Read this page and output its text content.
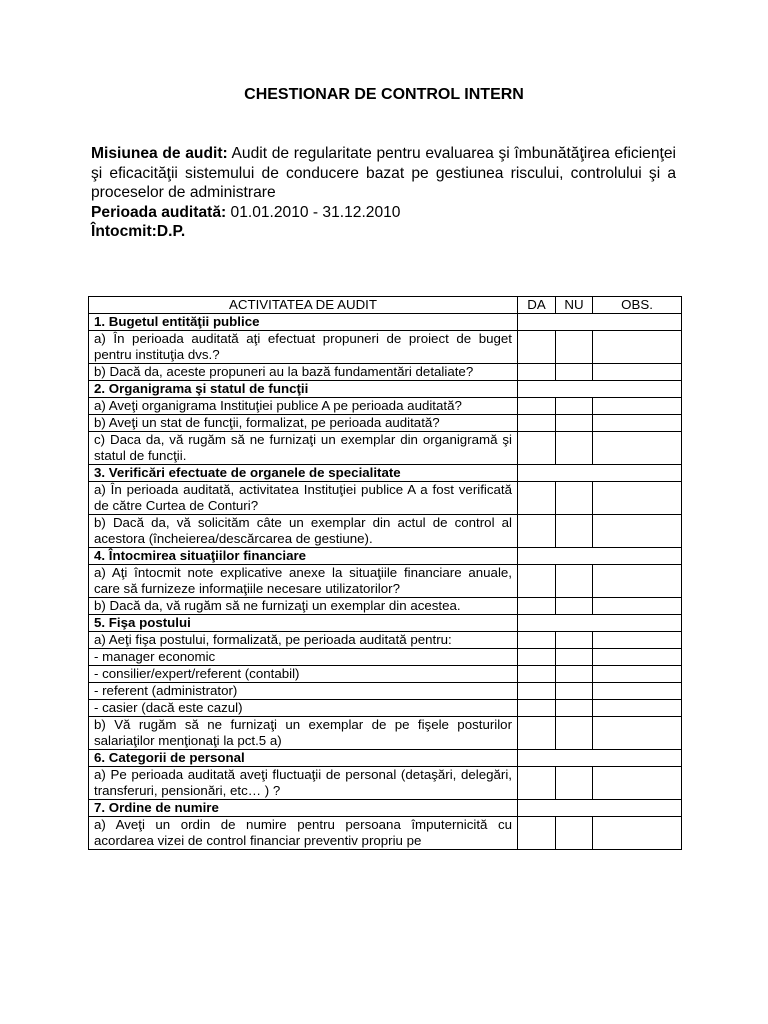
CHESTIONAR DE CONTROL INTERN

Misiunea de audit: Audit de regularitate pentru evaluarea şi îmbunătăţirea eficienţei şi eficacităţii sistemului de conducere bazat pe gestiunea riscului, controlului şi a proceselor de administrare

Perioada auditată: 01.01.2010 - 31.12.2010

Întocmit:D.P.

ACTIVITATEA DE AUDIT	DA	NU	OBS.
1. Bugetul entităţii publice			
a) În perioada auditată aţi efectuat propuneri de proiect de buget pentru instituţia dvs.?			
b) Dacă da, aceste propuneri au la bază fundamentări detaliate?			
2. Organigrama şi statul de funcţii			
a) Aveţi organigrama Instituţiei publice A pe perioada auditată?			
b) Aveţi un stat de funcţii, formalizat, pe perioada auditată?			
c) Daca da, vă rugăm să ne furnizaţi un exemplar din organigramă şi statul de funcţii.			
3. Verificări efectuate de organele de specialitate			
a) În perioada auditată, activitatea Instituţiei publice A a fost verificată de către Curtea de Conturi?			
b) Dacă da, vă solicităm câte un exemplar din actul de control al acestora (încheierea/descărcarea de gestiune).			
4. Întocmirea situaţiilor financiare			
a) Aţi întocmit note explicative anexe la situaţiile financiare anuale, care să furnizeze informaţiile necesare utilizatorilor?			
b) Dacă da, vă rugăm să ne furnizaţi un exemplar din acestea.			
5. Fişa postului			
a) Aeţi fişa postului, formalizată, pe perioada auditată pentru:			
- manager economic			
- consilier/expert/referent (contabil)			
- referent (administrator)			
- casier (dacă este cazul)			
b) Vă rugăm să ne furnizaţi un exemplar de pe fişele posturilor salariaţilor menţionaţi la pct.5 a)			
6. Categorii de personal			
a) Pe perioada auditată aveţi fluctuaţii de personal (detaşări, delegări, transferuri, pensionări, etc… ) ?			
7. Ordine de numire			
a) Aveţi un ordin de numire pentru persoana împuternicită cu acordarea vizei de control financiar preventiv propriu pe			
